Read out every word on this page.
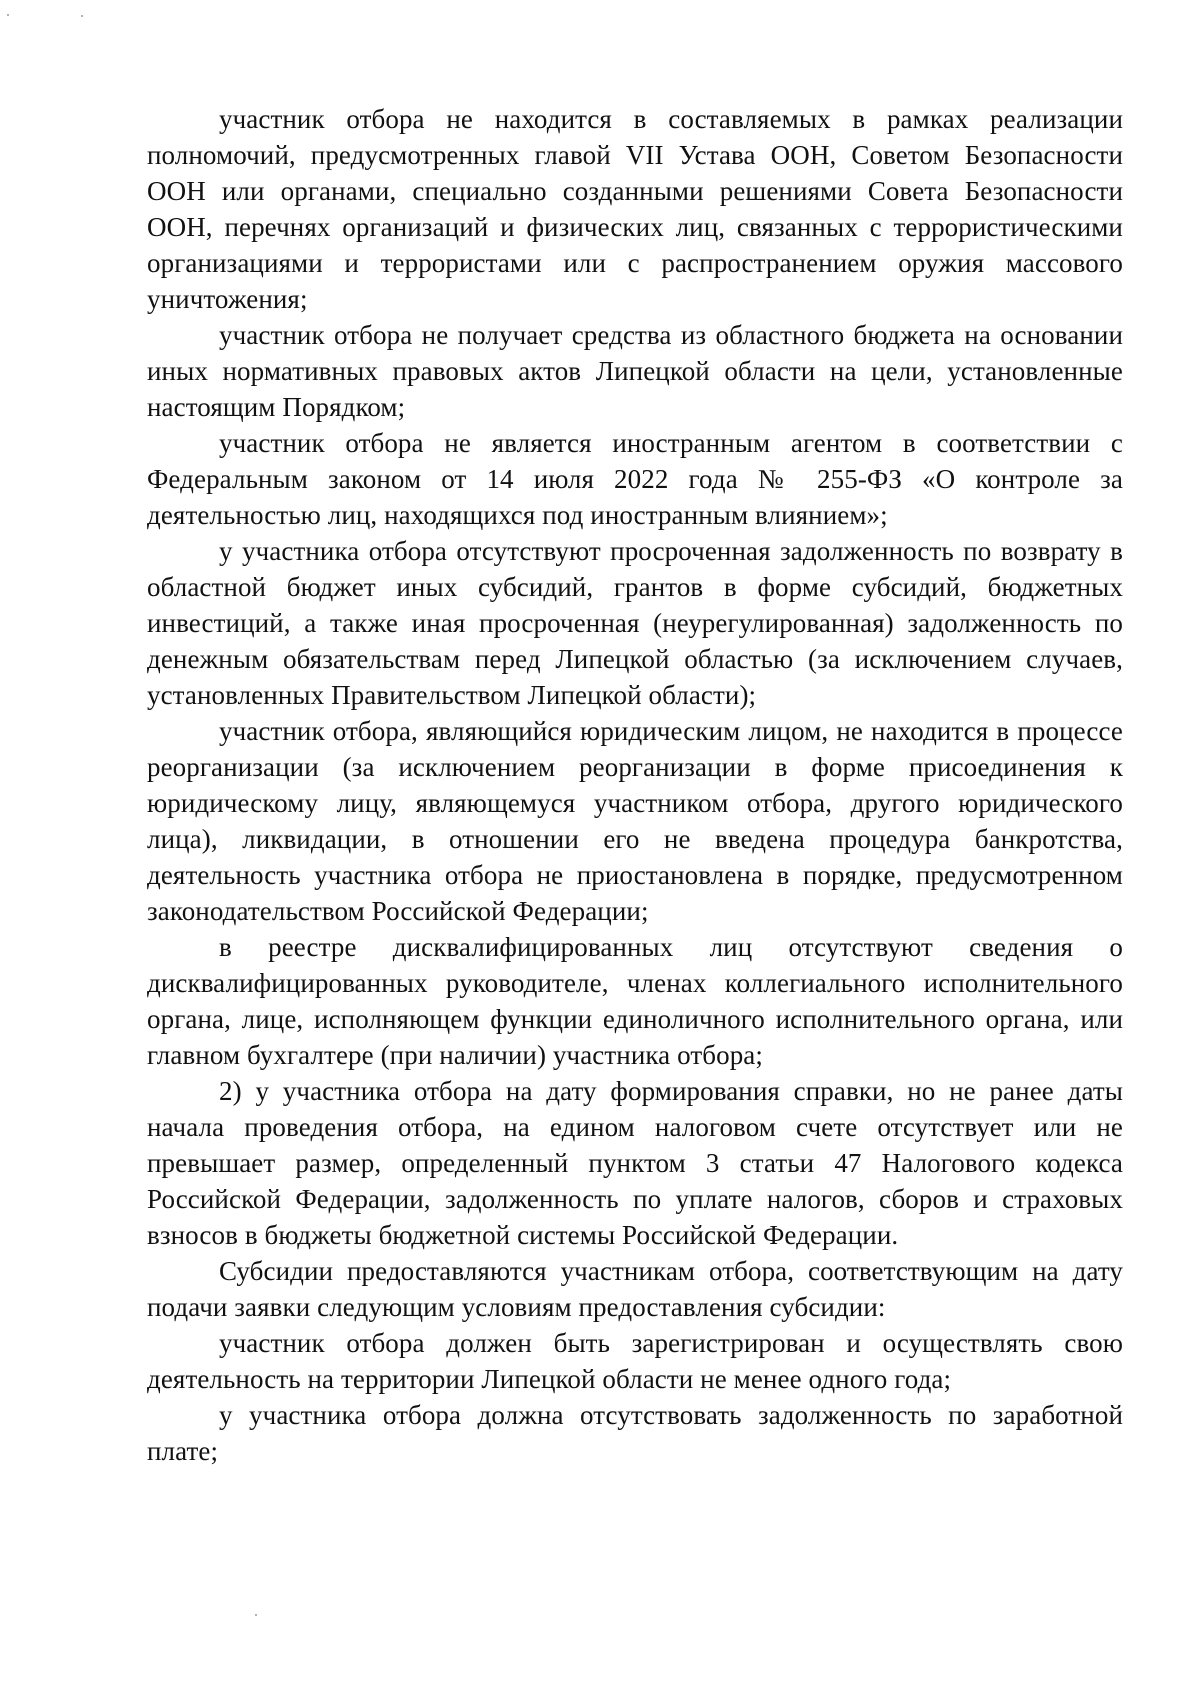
участник отбора не находится в составляемых в рамках реализации полномочий, предусмотренных главой VII Устава ООН, Советом Безопасности ООН или органами, специально созданными решениями Совета Безопасности ООН, перечнях организаций и физических лиц, связанных с террористическими организациями и террористами или с распространением оружия массового уничтожения;

участник отбора не получает средства из областного бюджета на основании иных нормативных правовых актов Липецкой области на цели, установленные настоящим Порядком;

участник отбора не является иностранным агентом в соответствии с Федеральным законом от 14 июля 2022 года № 255-ФЗ «О контроле за деятельностью лиц, находящихся под иностранным влиянием»;

у участника отбора отсутствуют просроченная задолженность по возврату в областной бюджет иных субсидий, грантов в форме субсидий, бюджетных инвестиций, а также иная просроченная (неурегулированная) задолженность по денежным обязательствам перед Липецкой областью (за исключением случаев, установленных Правительством Липецкой области);

участник отбора, являющийся юридическим лицом, не находится в процессе реорганизации (за исключением реорганизации в форме присоединения к юридическому лицу, являющемуся участником отбора, другого юридического лица), ликвидации, в отношении его не введена процедура банкротства, деятельность участника отбора не приостановлена в порядке, предусмотренном законодательством Российской Федерации;

в реестре дисквалифицированных лиц отсутствуют сведения о дисквалифицированных руководителе, членах коллегиального исполнительного органа, лице, исполняющем функции единоличного исполнительного органа, или главном бухгалтере (при наличии) участника отбора;

2) у участника отбора на дату формирования справки, но не ранее даты начала проведения отбора, на едином налоговом счете отсутствует или не превышает размер, определенный пунктом 3 статьи 47 Налогового кодекса Российской Федерации, задолженность по уплате налогов, сборов и страховых взносов в бюджеты бюджетной системы Российской Федерации.

Субсидии предоставляются участникам отбора, соответствующим на дату подачи заявки следующим условиям предоставления субсидии:

участник отбора должен быть зарегистрирован и осуществлять свою деятельность на территории Липецкой области не менее одного года;

у участника отбора должна отсутствовать задолженность по заработной плате;
